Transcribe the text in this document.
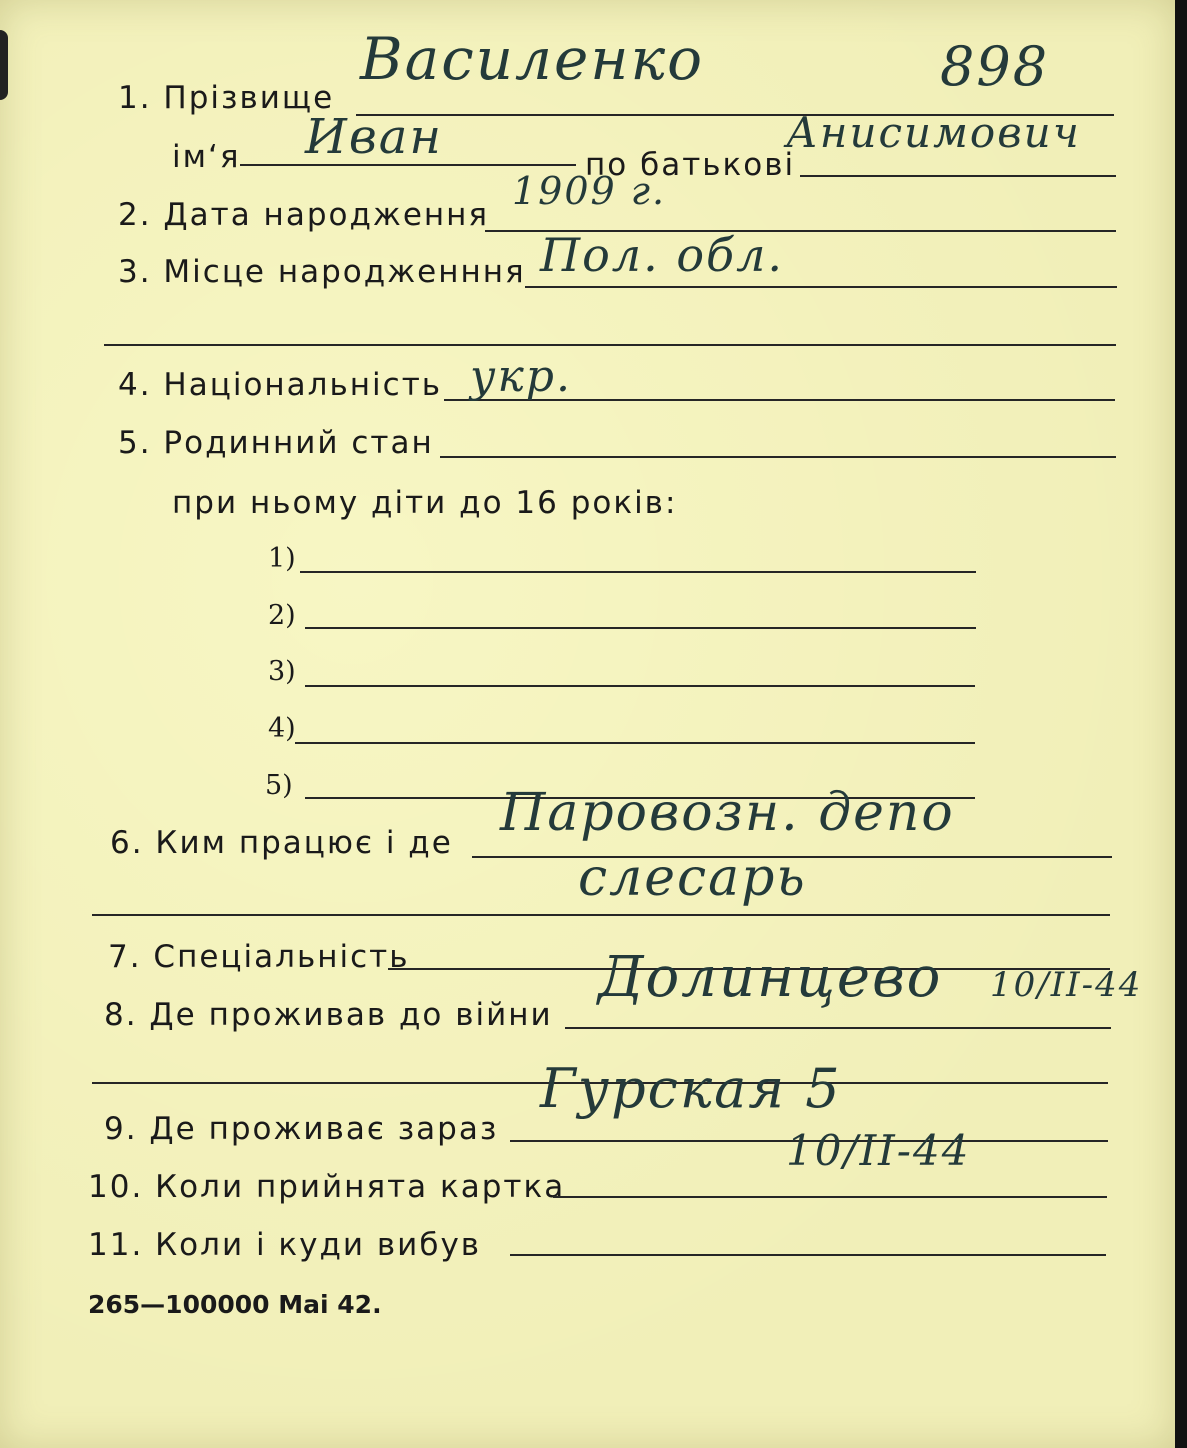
1. Прізвище
Василенко	898
ім‘я Иван	по батькові
Анисимович
2. Дата народження
1909 г.
3. Місце народженння Пол. обл.
4. Національність укр.
5. Родинний стан
при ньому діти до 16 років:
1)
2)
3)
4)
5)
6. Ким працює і де Паровозн. депо
слесарь
7. Спеціальність
8. Де проживав до війни
Долинцево 10/II-44
9. Де проживає зараз
Гурская 5
10. Коли прийнята картка
10/II-44
11. Коли і куди вибув
265—100000 Mai 42.
